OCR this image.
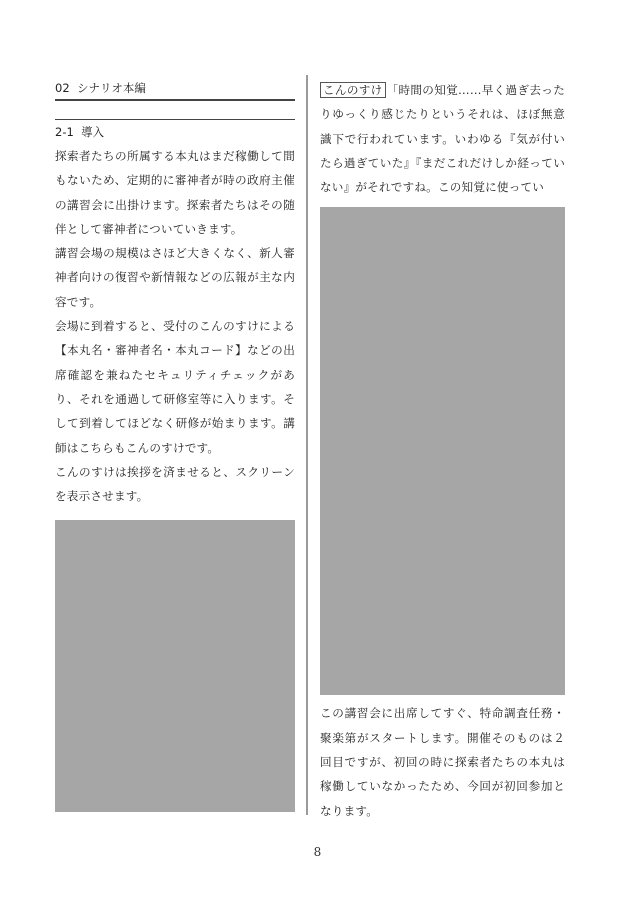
02 シナリオ本編
2-1 導入

探索者たちの所属する本丸はまだ稼働して間もないため、定期的に審神者が時の政府主催の講習会に出掛けます。探索者たちはその随伴として審神者についていきます。

講習会場の規模はさほど大きくなく、新人審神者向けの復習や新情報などの広報が主な内容です。

会場に到着すると、受付のこんのすけによる【本丸名・審神者名・本丸コード】などの出席確認を兼ねたセキュリティチェックがあり、それを通過して研修室等に入ります。そして到着してほどなく研修が始まります。講師はこちらもこんのすけです。

こんのすけは挨拶を済ませると、スクリーンを表示させます。

こんのすけ 「時間の知覚……早く過ぎ去ったりゆっくり感じたりというそれは、ほぼ無意識下で行われています。いわゆる『気が付いたら過ぎていた』『まだこれだけしか経っていない』がそれですね。この知覚に使ってい

この講習会に出席してすぐ、特命調査任務・聚楽第がスタートします。開催そのものは２回目ですが、初回の時に探索者たちの本丸は稼働していなかったため、今回が初回参加となります。

8
